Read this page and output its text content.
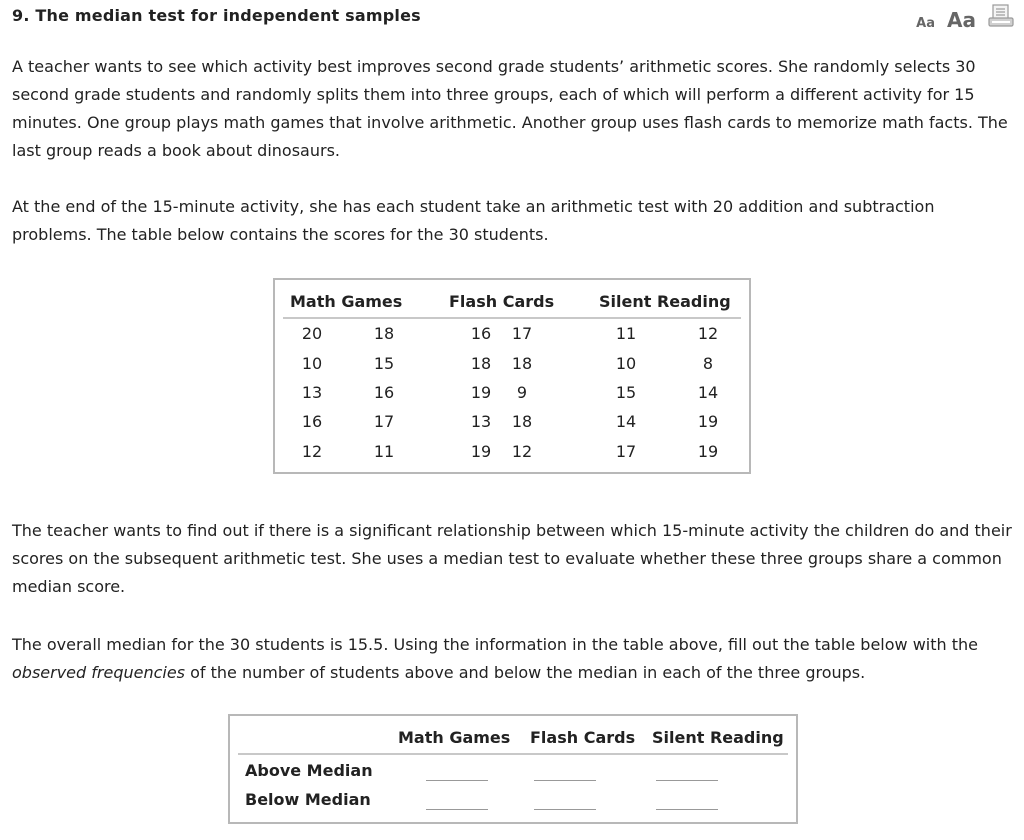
9. The median test for independent samples	Aa Aa

A teacher wants to see which activity best improves second grade students’ arithmetic scores. She randomly selects 30 second grade students and randomly splits them into three groups, each of which will perform a different activity for 15 minutes. One group plays math games that involve arithmetic. Another group uses flash cards to memorize math facts. The last group reads a book about dinosaurs.

At the end of the 15-minute activity, she has each student take an arithmetic test with 20 addition and subtraction problems. The table below contains the scores for the 30 students.

Math Games	Flash Cards	Silent Reading
20	18	16	17	11	12
10	15	18	18	10	8
13	16	19	9	15	14
16	17	13	18	14	19
12	11	19	12	17	19

The teacher wants to find out if there is a significant relationship between which 15-minute activity the children do and their scores on the subsequent arithmetic test. She uses a median test to evaluate whether these three groups share a common median score.

The overall median for the 30 students is 15.5. Using the information in the table above, fill out the table below with the observed frequencies of the number of students above and below the median in each of the three groups.

Math Games Flash Cards Silent Reading
Above Median
Below Median
